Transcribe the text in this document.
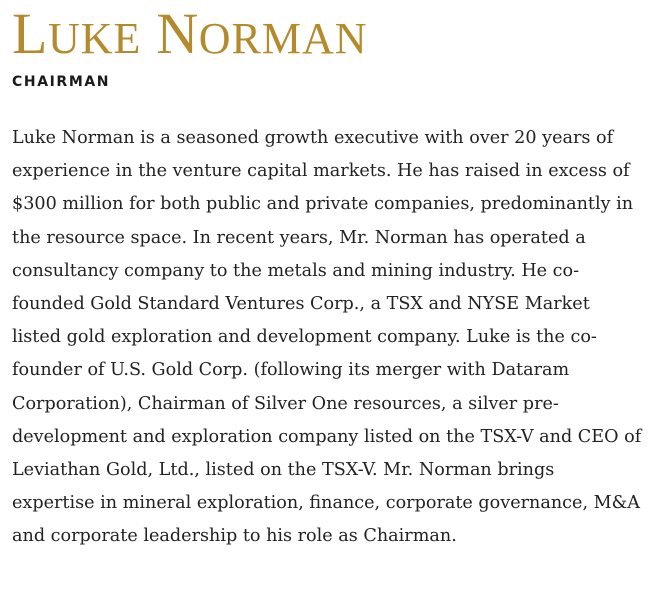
LUKE NORMAN
CHAIRMAN

Luke Norman is a seasoned growth executive with over 20 years of experience in the venture capital markets. He has raised in excess of $300 million for both public and private companies, predominantly in the resource space. In recent years, Mr. Norman has operated a consultancy company to the metals and mining industry. He co-founded Gold Standard Ventures Corp., a TSX and NYSE Market listed gold exploration and development company. Luke is the co-founder of U.S. Gold Corp. (following its merger with Dataram Corporation), Chairman of Silver One resources, a silver pre-development and exploration company listed on the TSX-V and CEO of Leviathan Gold, Ltd., listed on the TSX-V. Mr. Norman brings expertise in mineral exploration, finance, corporate governance, M&A and corporate leadership to his role as Chairman.
